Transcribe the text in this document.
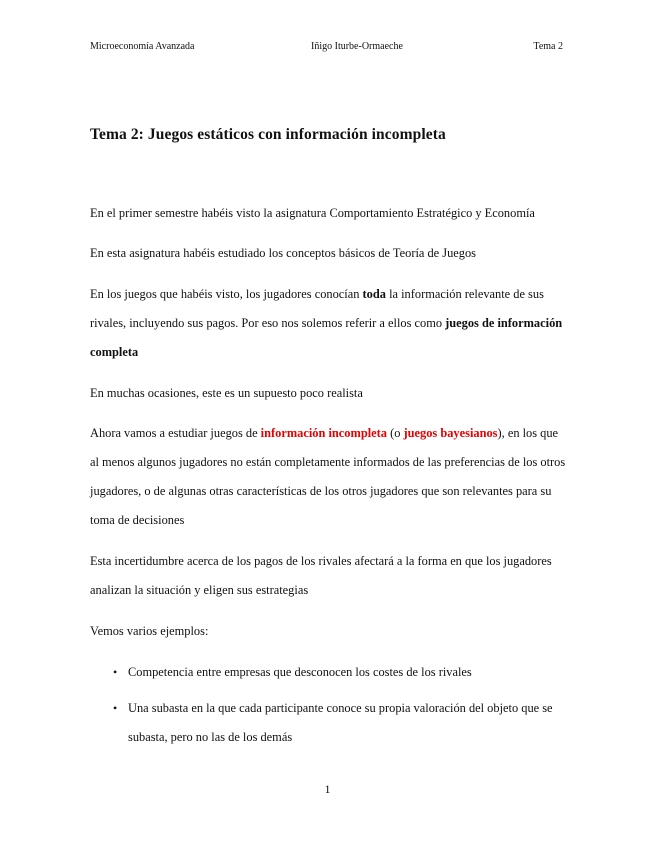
Microeconomía Avanzada	Iñigo Iturbe-Ormaeche	Tema 2
Tema 2: Juegos estáticos con información incompleta

En el primer semestre habéis visto la asignatura Comportamiento Estratégico y Economía

En esta asignatura habéis estudiado los conceptos básicos de Teoría de Juegos

En los juegos que habéis visto, los jugadores conocían toda la información relevante de sus rivales, incluyendo sus pagos. Por eso nos solemos referir a ellos como juegos de información completa

En muchas ocasiones, este es un supuesto poco realista

Ahora vamos a estudiar juegos de información incompleta (o juegos bayesianos), en los que al menos algunos jugadores no están completamente informados de las preferencias de los otros jugadores, o de algunas otras características de los otros jugadores que son relevantes para su toma de decisiones

Esta incertidumbre acerca de los pagos de los rivales afectará a la forma en que los jugadores analizan la situación y eligen sus estrategias

Vemos varios ejemplos:

• Competencia entre empresas que desconocen los costes de los rivales
• Una subasta en la que cada participante conoce su propia valoración del objeto que se subasta, pero no las de los demás
1
